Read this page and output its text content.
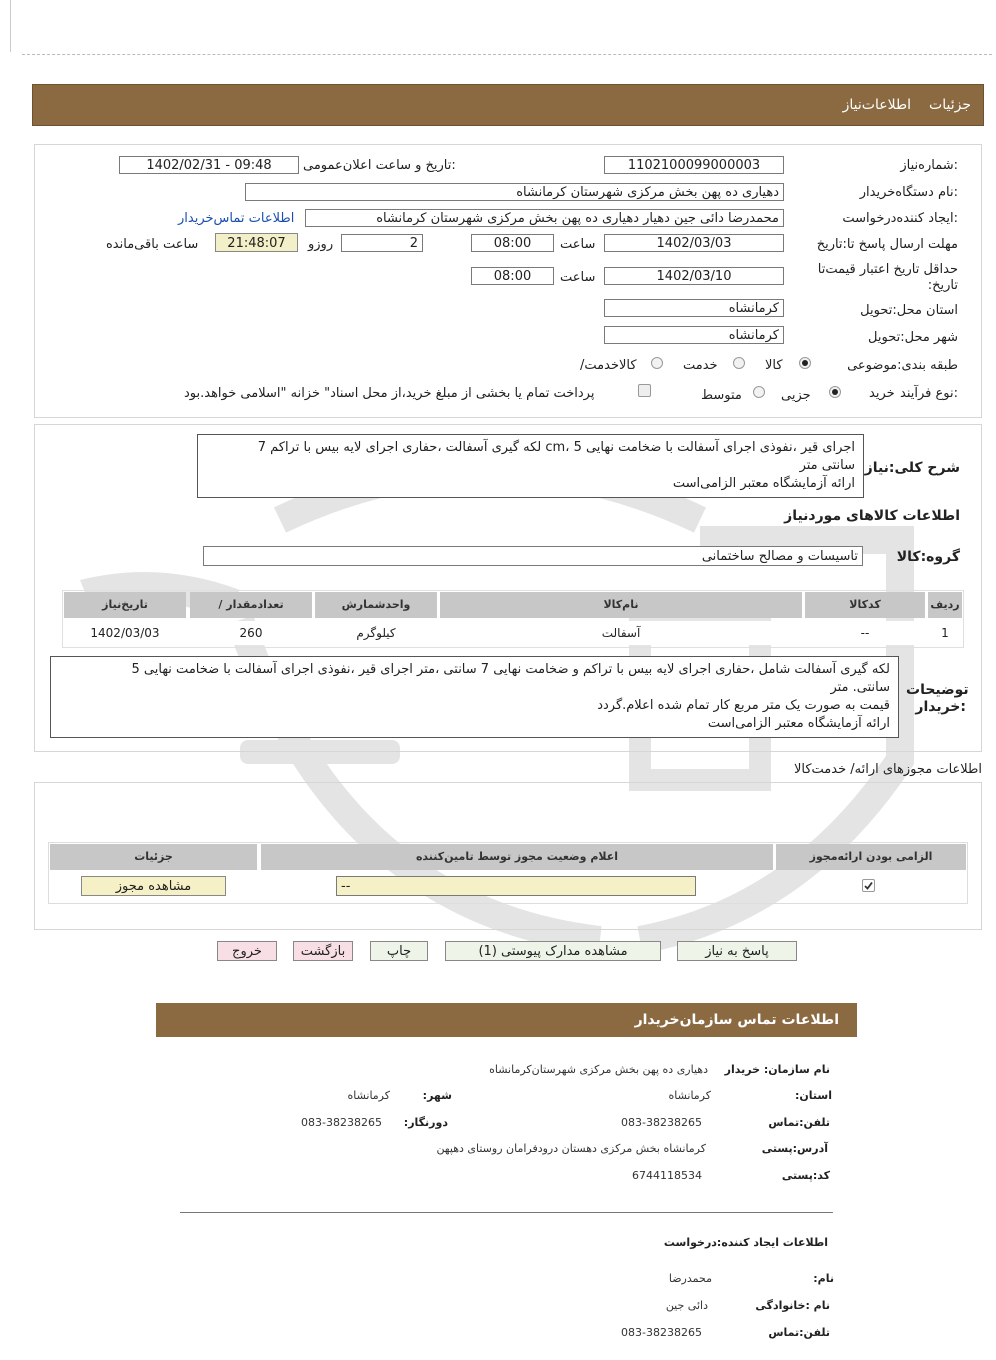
جزئیات
اطلاعات‌نیاز
شماره‌نیاز:
1102100099000003
تاریخ و ساعت اعلان‌عمومی:
1402/02/31 - 09:48
نام دستگاه‌خریدار:
دهیاری ده پهن بخش مرکزی شهرستان کرمانشاه
ایجاد کننده‌درخواست:
محمدرضا دائی جین دهیار دهیاری ده پهن بخش مرکزی شهرستان کرمانشاه
اطلاعات تماس‌خریدار
مهلت ارسال پاسخ تا:تاریخ
1402/03/03
ساعت
08:00
2
روزو
21:48:07
ساعت باقی‌مانده
حداقل تاریخ اعتبار قیمت‌تا
:تاریخ
1402/03/10
ساعت
08:00
استان محل:تحویل
کرمانشاه
شهر محل:تحویل
کرمانشاه
طبقه بندی:موضوعی
کالا
خدمت
/کالاخدمت
نوع فرآیند:
خرید
جزیی
متوسط
پرداخت تمام یا بخشی از مبلغ خرید،از محل اسناد" خزانه "اسلامی خواهد.بود
شرح کلی:نیاز
لکه گیری آسفالت ،حفاری اجرای لایه بیس با تراکم 7 cm، اجرای قیر ،نفوذی اجرای آسفالت با ضخامت نهایی 5
سانتی متر
ارائه آزمایشگاه معتبر الزامی‌است
اطلاعات کالاهای موردنیاز
گروه:کالا
تاسیسات و مصالح ساختمانی
ردیف
کدکالا
نام‌کالا
واحدشمارش
/ تعدادمقدار
تاریخ‌نیاز
1
--
آسفالت
کیلوگرم
260
1402/03/03
توضیحات :خریدار
لکه گیری آسفالت شامل ،حفاری اجرای لایه بیس با تراکم و ضخامت نهایی 7 سانتی ،متر اجرای قیر ،نفوذی اجرای آسفالت با ضخامت نهایی 5
سانتی. متر
قیمت به صورت یک متر مربع کار تمام شده اعلام.گردد
ارائه آزمایشگاه معتبر الزامی‌است
اطلاعات مجوزهای ارائه/ خدمت‌کالا
الزامی بودن ارائه‌مجوز
اعلام وضعیت مجوز توسط تامین‌کننده
جزئیات
--
مشاهده مجوز
پاسخ به نیاز
مشاهده مدارک پیوستی (1)
چاپ
بازگشت
خروج
اطلاعات تماس سازمان‌خریدار
نام سازمان: خریدار
دهیاری ده پهن بخش مرکزی شهرستان‌کرمانشاه
:استان
کرمانشاه
:شهر
کرمانشاه
تلفن:تماس
083-38238265
:دورنگار
083-38238265
آدرس:پستی
کرمانشاه بخش مرکزی دهستان درودفرامان روستای دهپهن
کد:پستی
6744118534
اطلاعات ایجاد کننده:درخواست
:نام
محمدرضا
نام :خانوادگی
دائی جین
تلفن:تماس
083-38238265
